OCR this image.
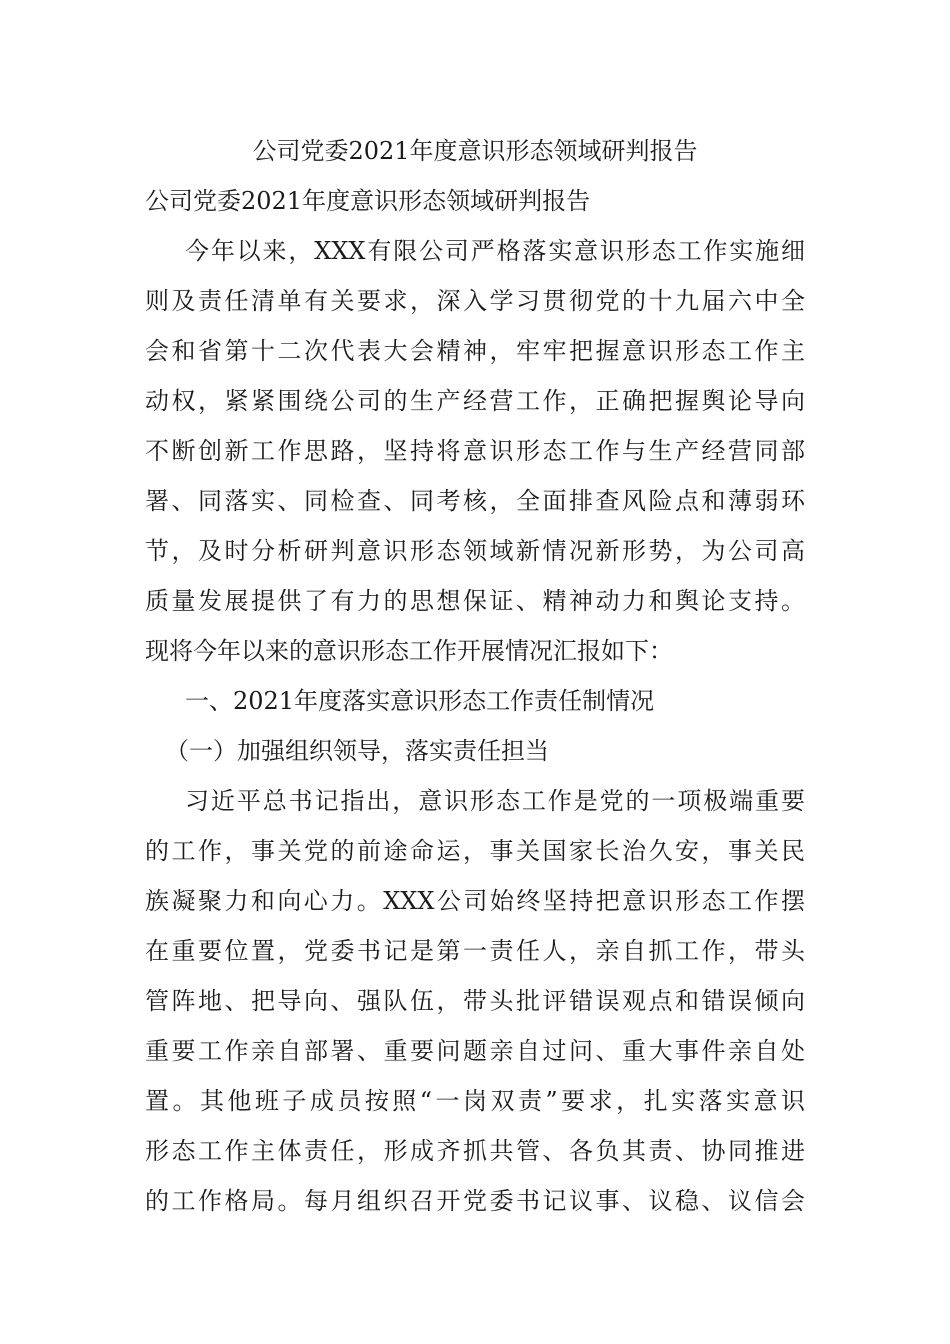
公司党委2021年度意识形态领域研判报告
公司党委2021年度意识形态领域研判报告
今年以来，XXX有限公司严格落实意识形态工作实施细
则及责任清单有关要求，深入学习贯彻党的十九届六中全
会和省第十二次代表大会精神，牢牢把握意识形态工作主
动权，紧紧围绕公司的生产经营工作，正确把握舆论导向
不断创新工作思路，坚持将意识形态工作与生产经营同部
署、同落实、同检查、同考核，全面排查风险点和薄弱环
节，及时分析研判意识形态领域新情况新形势，为公司高
质量发展提供了有力的思想保证、精神动力和舆论支持。
现将今年以来的意识形态工作开展情况汇报如下：
一、2021年度落实意识形态工作责任制情况
（一）加强组织领导，落实责任担当
习近平总书记指出，意识形态工作是党的一项极端重要
的工作，事关党的前途命运，事关国家长治久安，事关民
族凝聚力和向心力。XXX公司始终坚持把意识形态工作摆
在重要位置，党委书记是第一责任人，亲自抓工作，带头
管阵地、把导向、强队伍，带头批评错误观点和错误倾向
重要工作亲自部署、重要问题亲自过问、重大事件亲自处
置。其他班子成员按照“一岗双责”要求，扎实落实意识
形态工作主体责任，形成齐抓共管、各负其责、协同推进
的工作格局。每月组织召开党委书记议事、议稳、议信会
